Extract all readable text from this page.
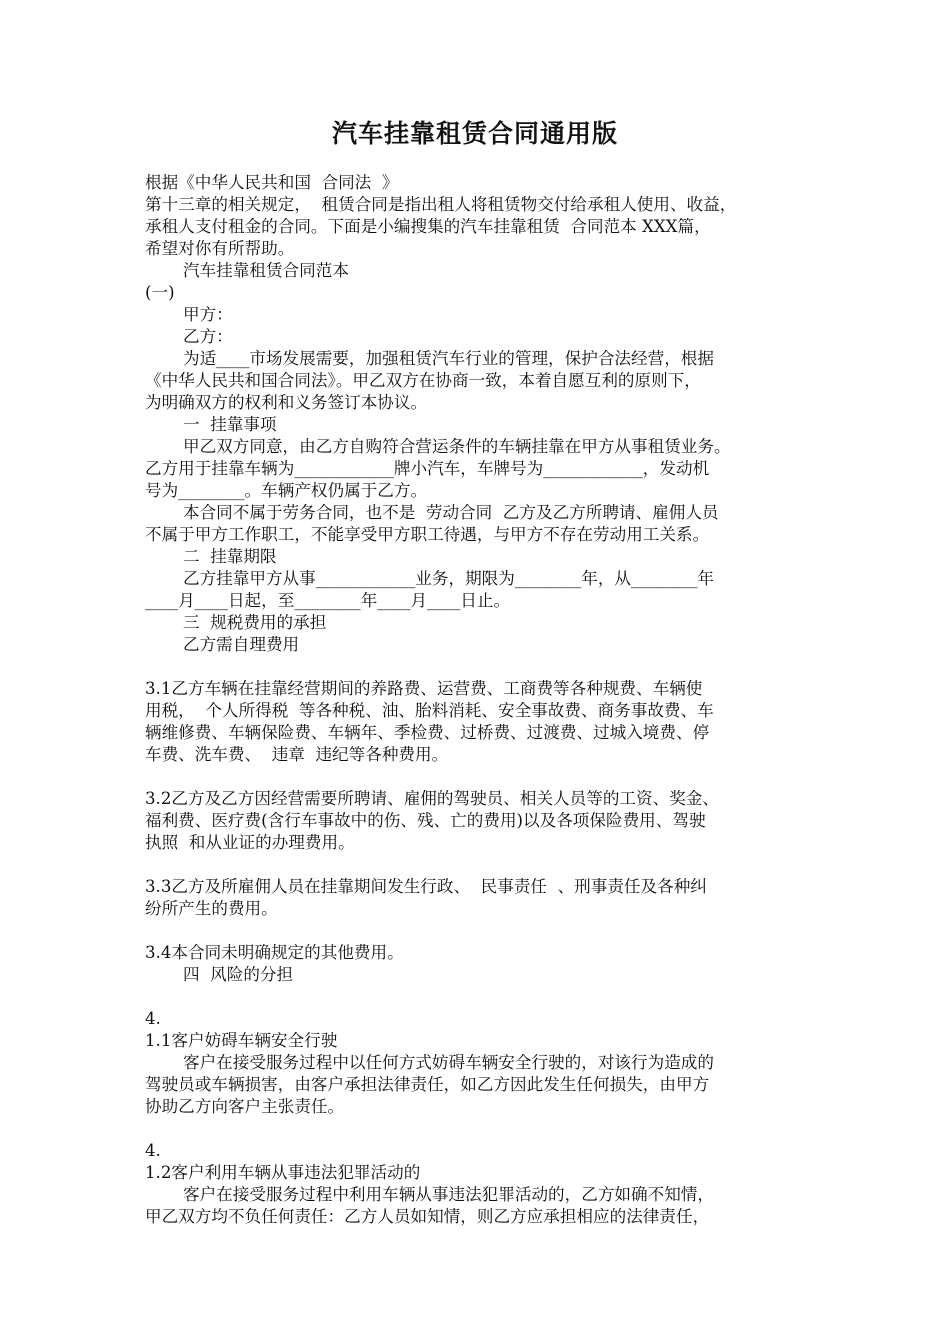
汽车挂靠租赁合同通用版
根据《中华人民共和国  合同法  》
第十三章的相关规定，  租赁合同是指出租人将租赁物交付给承租人使用、收益，
承租人支付租金的合同。下面是小编搜集的汽车挂靠租赁  合同范本 XXX篇，
希望对你有所帮助。
汽车挂靠租赁合同范本
(一)
甲方：
乙方：
为适____市场发展需要，加强租赁汽车行业的管理，保护合法经营，根据
《中华人民共和国合同法》。甲乙双方在协商一致，本着自愿互利的原则下，
为明确双方的权利和义务签订本协议。
一  挂靠事项
甲乙双方同意，由乙方自购符合营运条件的车辆挂靠在甲方从事租赁业务。
乙方用于挂靠车辆为____________牌小汽车，车牌号为____________，发动机
号为________。车辆产权仍属于乙方。
本合同不属于劳务合同，也不是  劳动合同  乙方及乙方所聘请、雇佣人员
不属于甲方工作职工，不能享受甲方职工待遇，与甲方不存在劳动用工关系。
二  挂靠期限
乙方挂靠甲方从事____________业务，期限为________年，从________年
____月____日起，至________年____月____日止。
三  规税费用的承担
乙方需自理费用
3.1乙方车辆在挂靠经营期间的养路费、运营费、工商费等各种规费、车辆使
用税，  个人所得税  等各种税、油、胎料消耗、安全事故费、商务事故费、车
辆维修费、车辆保险费、车辆年、季检费、过桥费、过渡费、过城入境费、停
车费、洗车费、  违章  违纪等各种费用。
3.2乙方及乙方因经营需要所聘请、雇佣的驾驶员、相关人员等的工资、奖金、
福利费、医疗费(含行车事故中的伤、残、亡的费用)以及各项保险费用、驾驶
执照  和从业证的办理费用。
3.3乙方及所雇佣人员在挂靠期间发生行政、  民事责任  、刑事责任及各种纠
纷所产生的费用。
3.4本合同未明确规定的其他费用。
四  风险的分担
4.
1.1客户妨碍车辆安全行驶
客户在接受服务过程中以任何方式妨碍车辆安全行驶的，对该行为造成的
驾驶员或车辆损害，由客户承担法律责任，如乙方因此发生任何损失，由甲方
协助乙方向客户主张责任。
4.
1.2客户利用车辆从事违法犯罪活动的
客户在接受服务过程中利用车辆从事违法犯罪活动的，乙方如确不知情，
甲乙双方均不负任何责任：乙方人员如知情，则乙方应承担相应的法律责任，
